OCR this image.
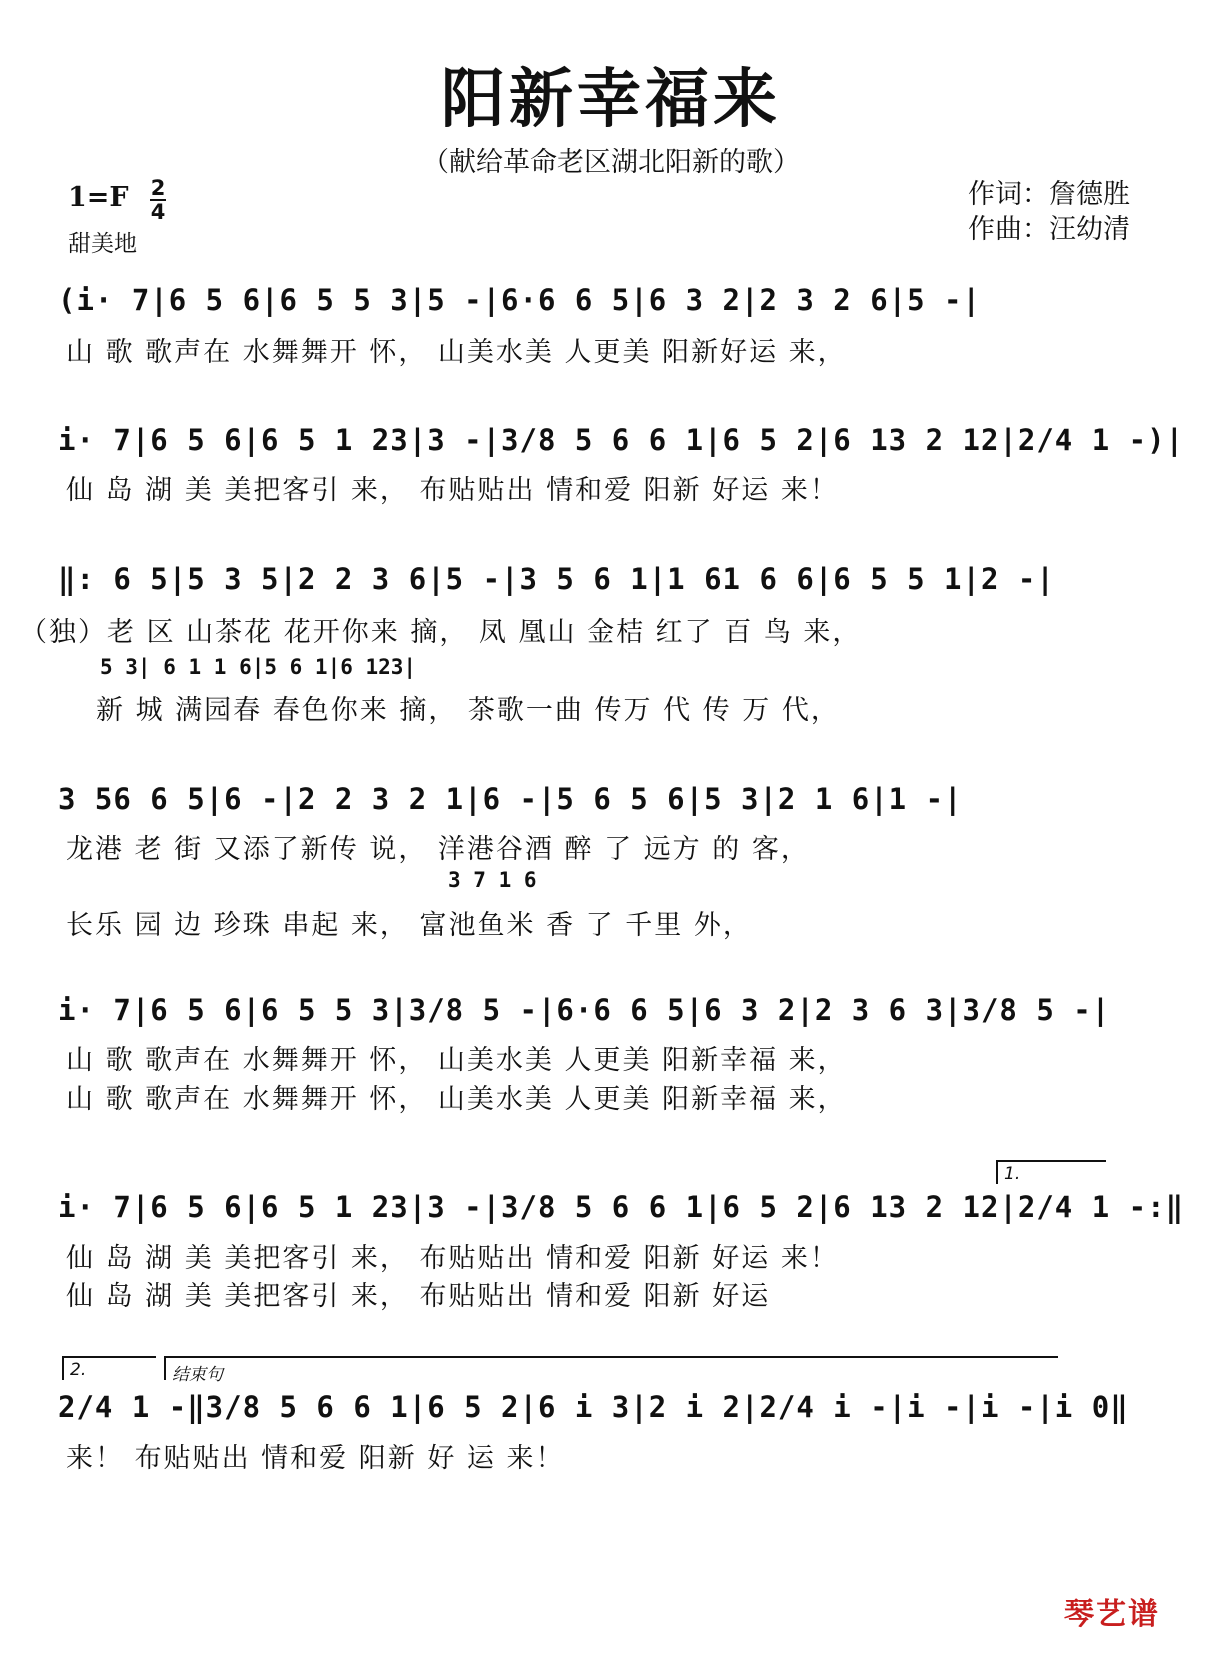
阳新幸福来
（献给革命老区湖北阳新的歌）
1=F 2
4
甜美地
作词：詹德胜
作曲：汪幼清
(i· 7|6 5 6|6 5 5 3|5 -|6·6 6 5|6 3 2|2 3 2 6|5 -|
山 歌 歌声在 水舞舞开 怀， 山美水美 人更美 阳新好运 来，
i· 7|6 5 6|6 5 1 23|3 -|3/8 5 6 6 1|6 5 2|6 13 2 12|2/4 1 -)|
仙 岛 湖 美 美把客引 来， 布贴贴出 情和爱 阳新 好运 来！
‖: 6 5|5 3 5|2 2 3 6|5 -|3 5 6 1|1 61 6 6|6 5 5 1|2 -|
（独）老 区 山茶花 花开你来 摘， 凤 凰山 金桔 红了 百 鸟 来，
5 3| 6 1 1 6|5 6 1|6 123|
新 城 满园春 春色你来 摘， 茶歌一曲 传万 代 传 万 代，
3 56 6 5|6 -|2 2 3 2 1|6 -|5 6 5 6|5 3|2 1 6|1 -|
龙港 老 街 又添了新传 说， 洋港谷酒 醉 了 远方 的 客，
3 7 1 6
长乐 园 边 珍珠 串起 来， 富池鱼米 香 了 千里 外，
i· 7|6 5 6|6 5 5 3|3/8 5 -|6·6 6 5|6 3 2|2 3 6 3|3/8 5 -|
山 歌 歌声在 水舞舞开 怀， 山美水美 人更美 阳新幸福 来，
山 歌 歌声在 水舞舞开 怀， 山美水美 人更美 阳新幸福 来，
1.
i· 7|6 5 6|6 5 1 23|3 -|3/8 5 6 6 1|6 5 2|6 13 2 12|2/4 1 -:‖
仙 岛 湖 美 美把客引 来， 布贴贴出 情和爱 阳新 好运 来！
仙 岛 湖 美 美把客引 来， 布贴贴出 情和爱 阳新 好运
2.	结束句
2/4 1 -‖3/8 5 6 6 1|6 5 2|6 i 3|2 i 2|2/4 i -|i -|i -|i 0‖
来！ 布贴贴出 情和爱 阳新 好 运 来！
琴艺谱
